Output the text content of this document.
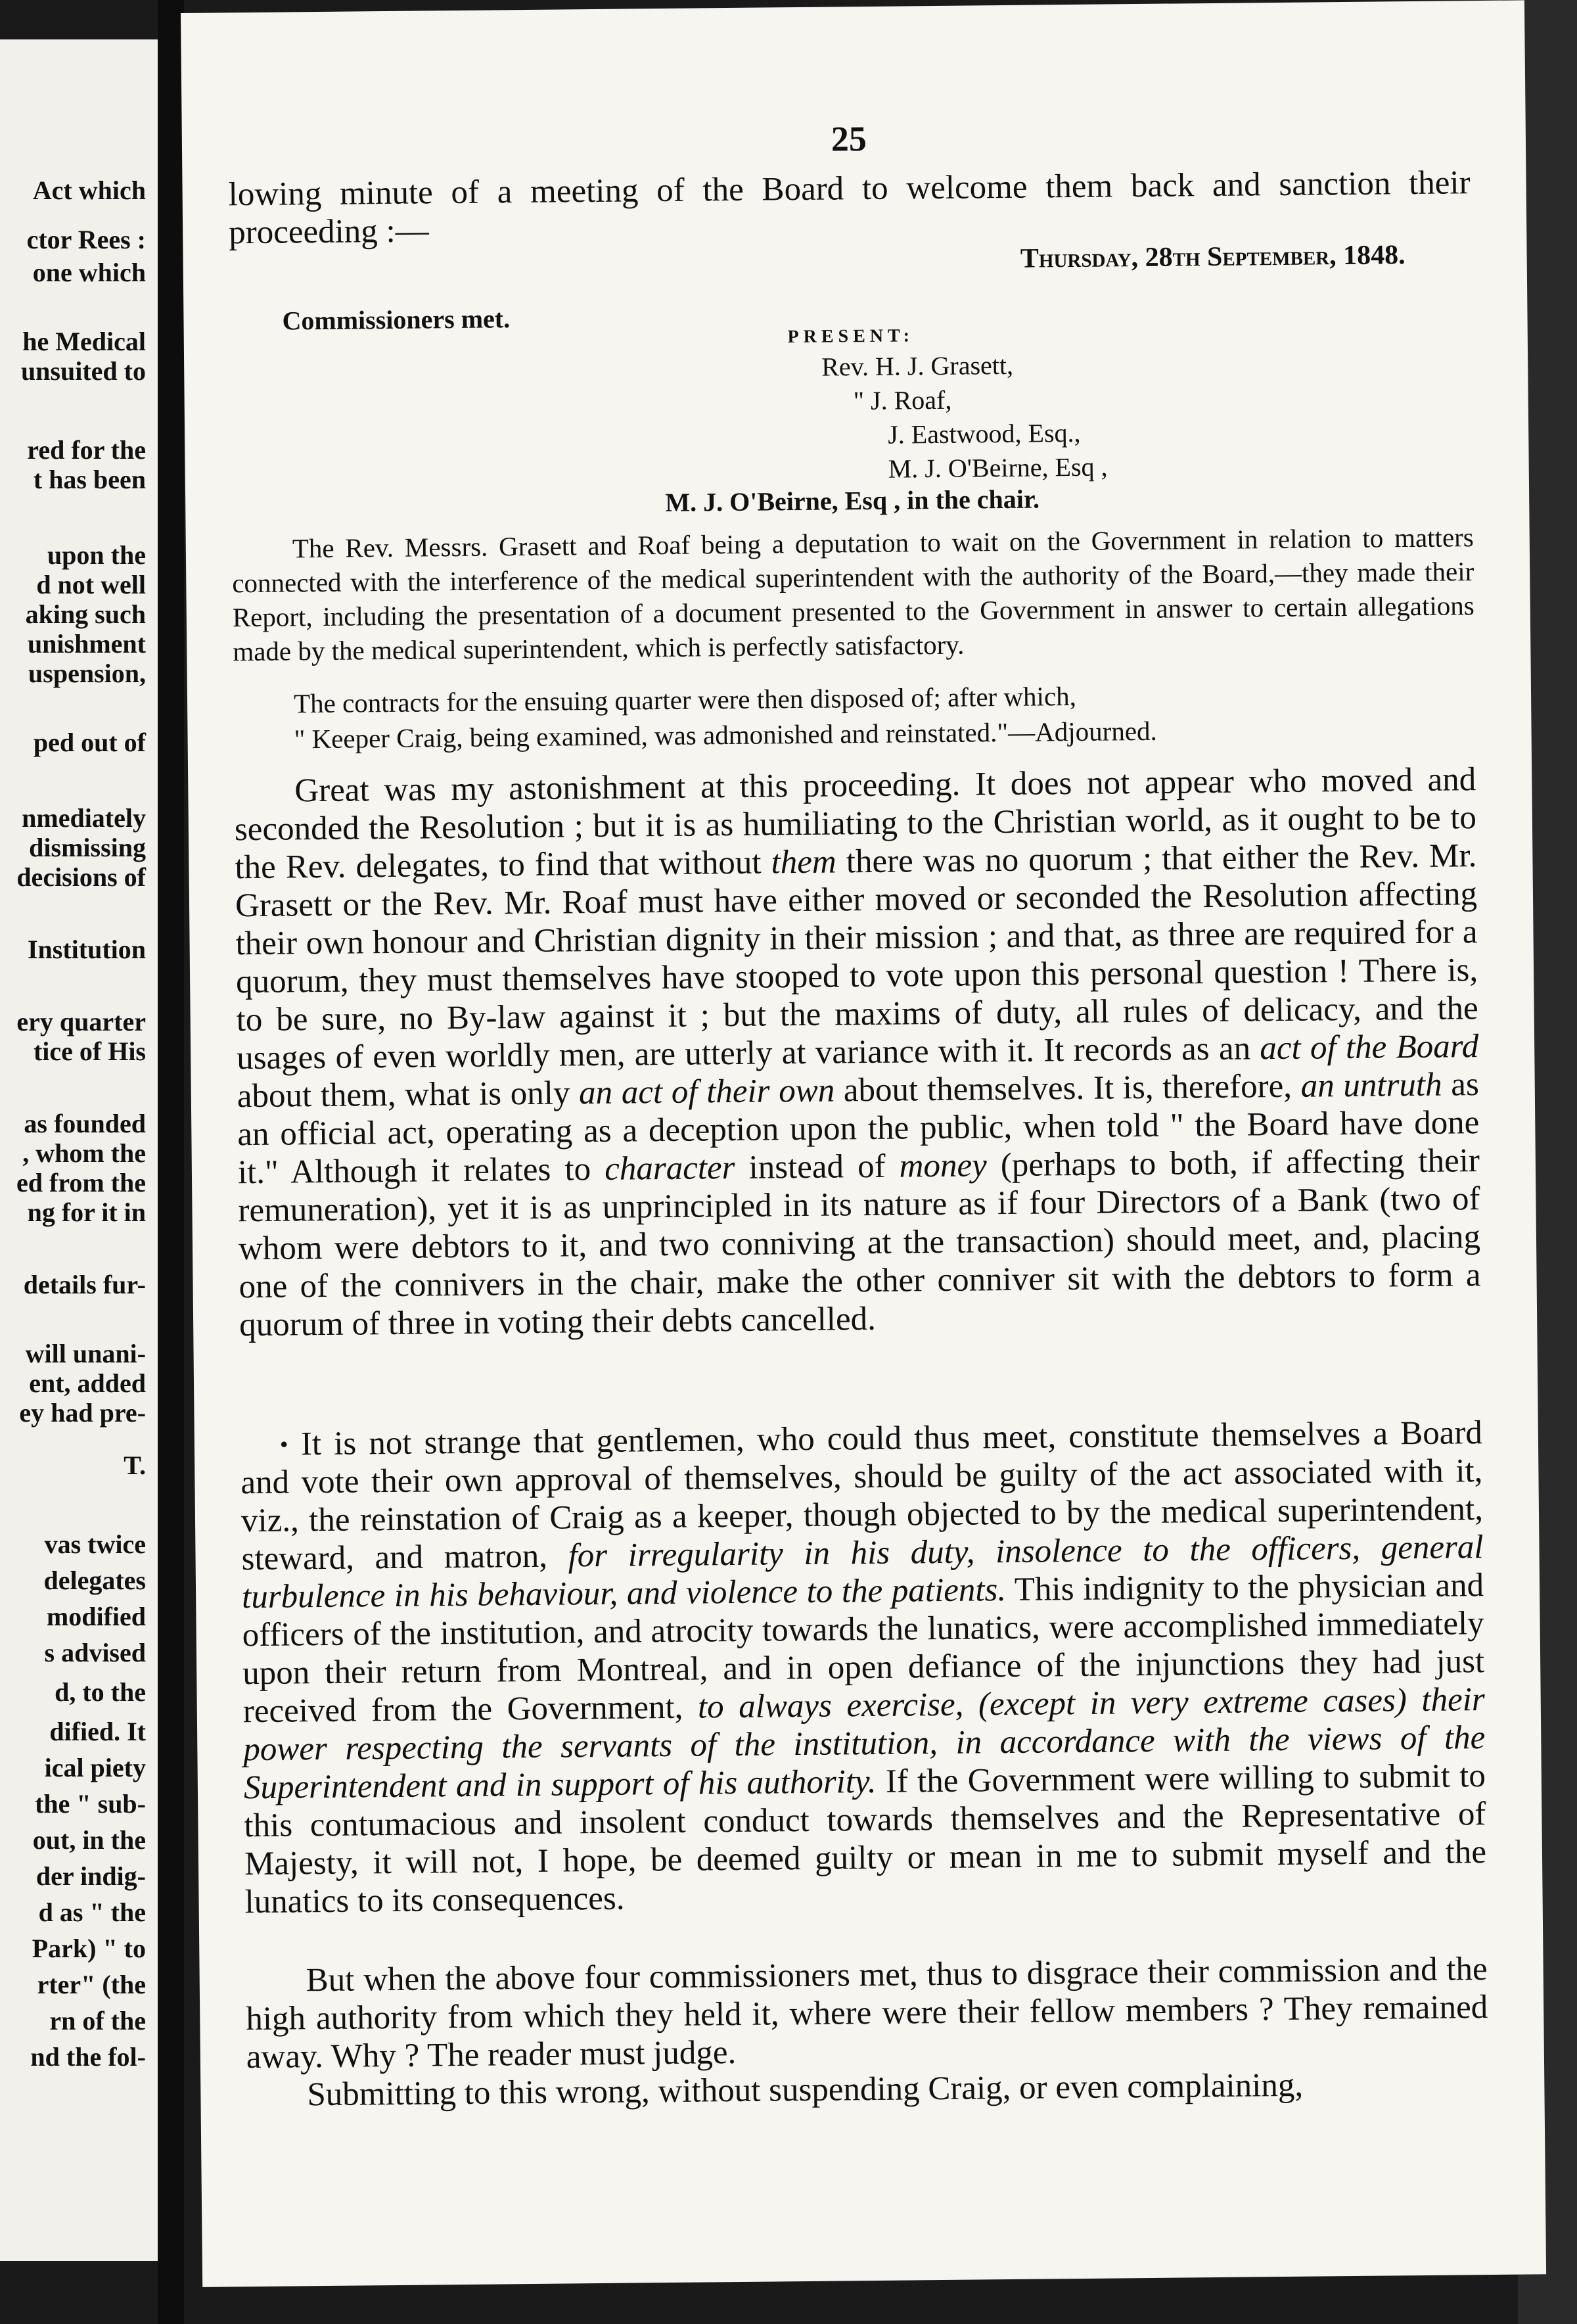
Act which
ctor Rees :
one which
he Medical
unsuited to
red for the
t has been
upon the
d not well
aking such
unishment
uspension,
ped out of
nmediately
dismissing
decisions of
Institution
ery quarter
tice of His
as founded
, whom the
ed from the
ng for it in
details fur-
will unani-
ent, added
ey had pre-
T.
vas twice
delegates
modified
s advised
d, to the
dified. It
ical piety
the " sub-
out, in the
der indig-
d as " the
Park) " to
rter" (the
rn of the
nd the fol-
25
lowing minute of a meeting of the Board to welcome them back and sanction their proceeding :—
Thursday, 28th September, 1848.
Commissioners met.
PRESENT:
Rev. H. J. Grasett,
" J. Roaf,
J. Eastwood, Esq.,
M. J. O'Beirne, Esq ,
M. J. O'Beirne, Esq , in the chair.
The Rev. Messrs. Grasett and Roaf being a deputation to wait on the Government in relation to matters connected with the interference of the medical superintendent with the authority of the Board,—they made their Report, including the presentation of a document presented to the Government in answer to certain allegations made by the medical superintendent, which is perfectly satisfactory.
The contracts for the ensuing quarter were then disposed of; after which,
" Keeper Craig, being examined, was admonished and reinstated."—Adjourned.
Great was my astonishment at this proceeding. It does not appear who moved and seconded the Resolution ; but it is as humiliating to the Christian world, as it ought to be to the Rev. delegates, to find that without them there was no quorum ; that either the Rev. Mr. Grasett or the Rev. Mr. Roaf must have either moved or seconded the Resolution affecting their own honour and Christian dignity in their mission ; and that, as three are required for a quorum, they must themselves have stooped to vote upon this personal question ! There is, to be sure, no By-law against it ; but the maxims of duty, all rules of delicacy, and the usages of even worldly men, are utterly at variance with it. It records as an act of the Board about them, what is only an act of their own about themselves. It is, therefore, an untruth as an official act, operating as a deception upon the public, when told " the Board have done it." Although it relates to character instead of money (perhaps to both, if affecting their remuneration), yet it is as unprincipled in its nature as if four Directors of a Bank (two of whom were debtors to it, and two conniving at the transaction) should meet, and, placing one of the connivers in the chair, make the other conniver sit with the debtors to form a quorum of three in voting their debts cancelled.
• It is not strange that gentlemen, who could thus meet, constitute themselves a Board and vote their own approval of themselves, should be guilty of the act associated with it, viz., the reinstation of Craig as a keeper, though objected to by the medical superintendent, steward, and matron, for irregularity in his duty, insolence to the officers, general turbulence in his behaviour, and violence to the patients. This indignity to the physician and officers of the institution, and atrocity towards the lunatics, were accomplished immediately upon their return from Montreal, and in open defiance of the injunctions they had just received from the Government, to always exercise, (except in very extreme cases) their power respecting the servants of the institution, in accordance with the views of the Superintendent and in support of his authority. If the Government were willing to submit to this contumacious and insolent conduct towards themselves and the Representative of Majesty, it will not, I hope, be deemed guilty or mean in me to submit myself and the lunatics to its consequences.
But when the above four commissioners met, thus to disgrace their commission and the high authority from which they held it, where were their fellow members ? They remained away. Why ? The reader must judge.
Submitting to this wrong, without suspending Craig, or even complaining,
